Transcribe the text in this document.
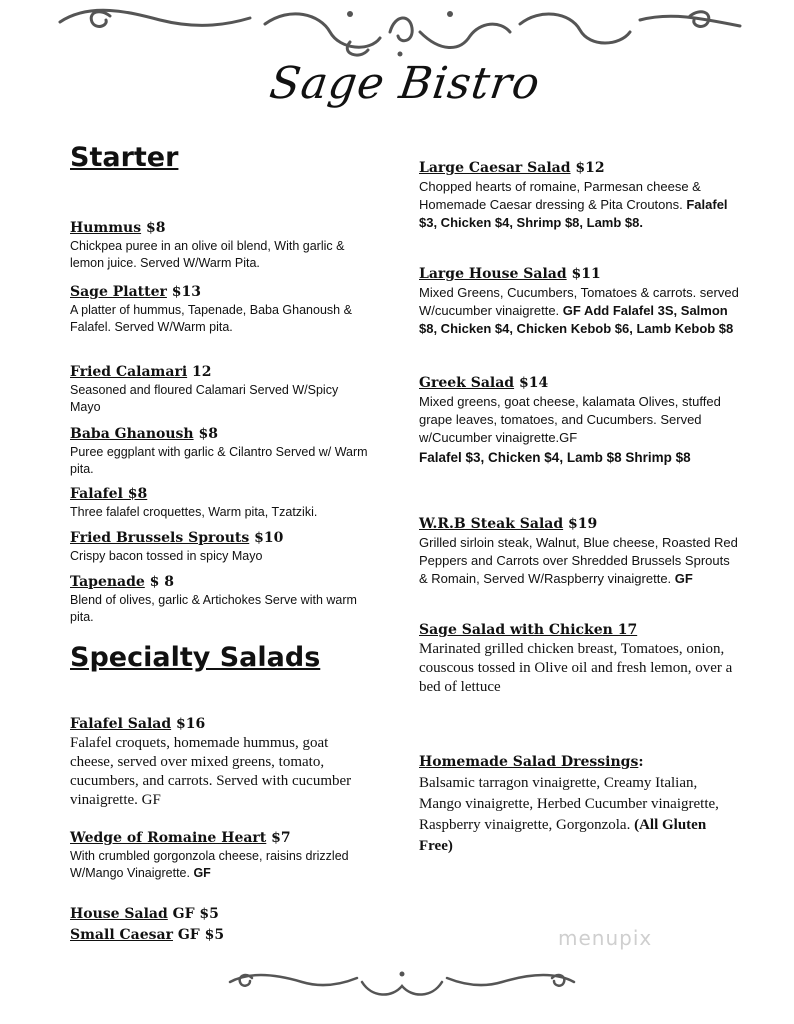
Sage Bistro
Starter
Hummus $8
Chickpea puree in an olive oil blend, With garlic & lemon juice. Served W/Warm Pita.
Sage Platter $13
A platter of hummus, Tapenade, Baba Ghanoush & Falafel. Served W/Warm pita.
Fried Calamari 12
Seasoned and floured Calamari Served W/Spicy Mayo
Baba Ghanoush $8
Puree eggplant with garlic & Cilantro Served w/ Warm pita.
Falafel $8
Three falafel croquettes, Warm pita, Tzatziki.
Fried Brussels Sprouts $10
Crispy bacon tossed in spicy Mayo
Tapenade $ 8
Blend of olives, garlic & Artichokes Serve with warm pita.
Specialty Salads
Falafel Salad $16
Falafel croquets, homemade hummus, goat cheese, served over mixed greens, tomato, cucumbers, and carrots. Served with cucumber vinaigrette. GF
Wedge of Romaine Heart $7
With crumbled gorgonzola cheese, raisins drizzled W/Mango Vinaigrette. GF
House Salad GF $5
Small Caesar GF $5
Large Caesar Salad $12
Chopped hearts of romaine, Parmesan cheese & Homemade Caesar dressing & Pita Croutons. Falafel $3, Chicken $4, Shrimp $8, Lamb $8.
Large House Salad $11
Mixed Greens, Cucumbers, Tomatoes & carrots. served W/cucumber vinaigrette. GF Add Falafel 3S, Salmon $8, Chicken $4, Chicken Kebob $6, Lamb Kebob $8
Greek Salad $14
Mixed greens, goat cheese, kalamata Olives, stuffed grape leaves, tomatoes, and Cucumbers. Served w/Cucumber vinaigrette.GF
Falafel $3, Chicken $4, Lamb $8 Shrimp $8
W.R.B Steak Salad $19
Grilled sirloin steak, Walnut, Blue cheese, Roasted Red Peppers and Carrots over Shredded Brussels Sprouts & Romain, Served W/Raspberry vinaigrette. GF
Sage Salad with Chicken 17
Marinated grilled chicken breast, Tomatoes, onion, couscous tossed in Olive oil and fresh lemon, over a bed of lettuce
Homemade Salad Dressings:
Balsamic tarragon vinaigrette, Creamy Italian, Mango vinaigrette, Herbed Cucumber vinaigrette, Raspberry vinaigrette, Gorgonzola. (All Gluten Free)
menupix
